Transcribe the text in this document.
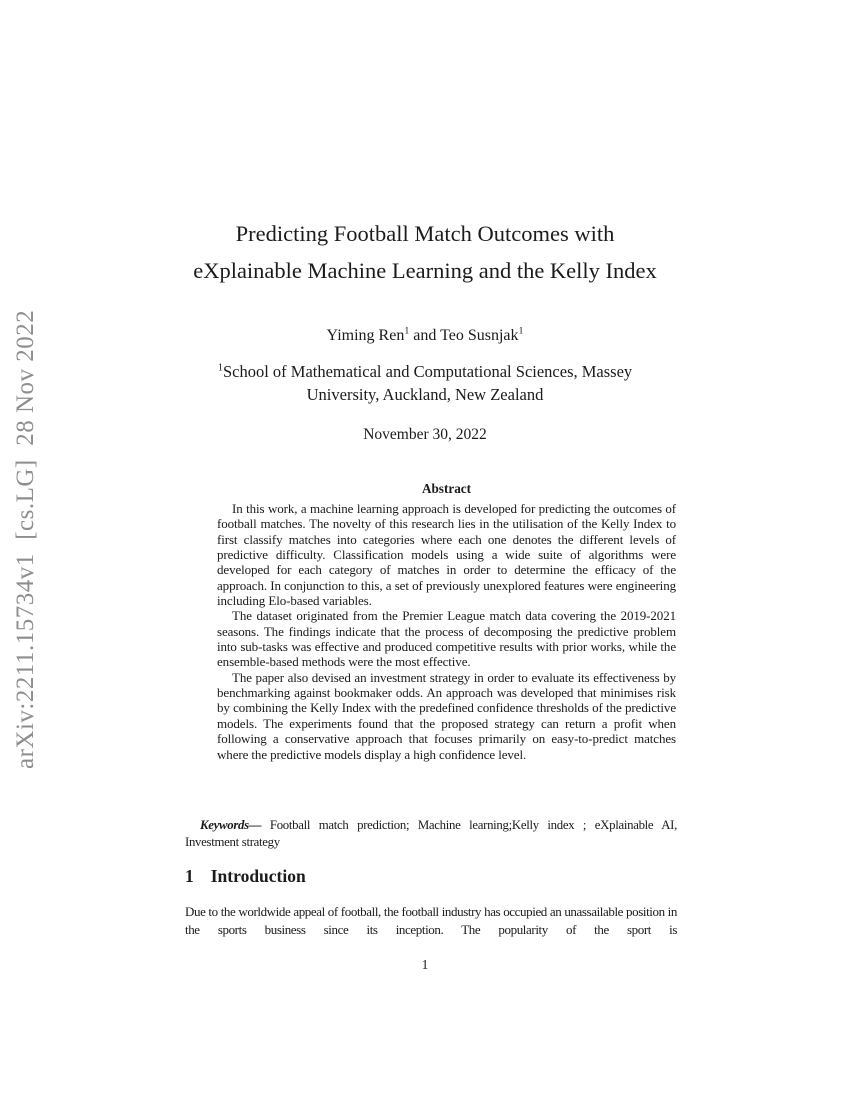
arXiv:2211.15734v1  [cs.LG]  28 Nov 2022
Predicting Football Match Outcomes with eXplainable Machine Learning and the Kelly Index
Yiming Ren$^1$ and Teo Susnjak$^1$
$^1$School of Mathematical and Computational Sciences, Massey University, Auckland, New Zealand
November 30, 2022
Abstract

In this work, a machine learning approach is developed for predicting the outcomes of football matches. The novelty of this research lies in the utilisation of the Kelly Index to first classify matches into categories where each one denotes the different levels of predictive difficulty. Classification models using a wide suite of algorithms were developed for each category of matches in order to determine the efficacy of the approach. In conjunction to this, a set of previously unexplored features were engineering including Elo-based variables.

The dataset originated from the Premier League match data covering the 2019-2021 seasons. The findings indicate that the process of decomposing the predictive problem into sub-tasks was effective and produced competitive results with prior works, while the ensemble-based methods were the most effective.

The paper also devised an investment strategy in order to evaluate its effectiveness by benchmarking against bookmaker odds. An approach was developed that minimises risk by combining the Kelly Index with the predefined confidence thresholds of the predictive models. The experiments found that the proposed strategy can return a profit when following a conservative approach that focuses primarily on easy-to-predict matches where the predictive models display a high confidence level.

Keywords— Football match prediction; Machine learning;Kelly index ; eXplainable AI, Investment strategy
1 Introduction

Due to the worldwide appeal of football, the football industry has occupied an unassailable position in the sports business since its inception. The popularity of the sport is

1
